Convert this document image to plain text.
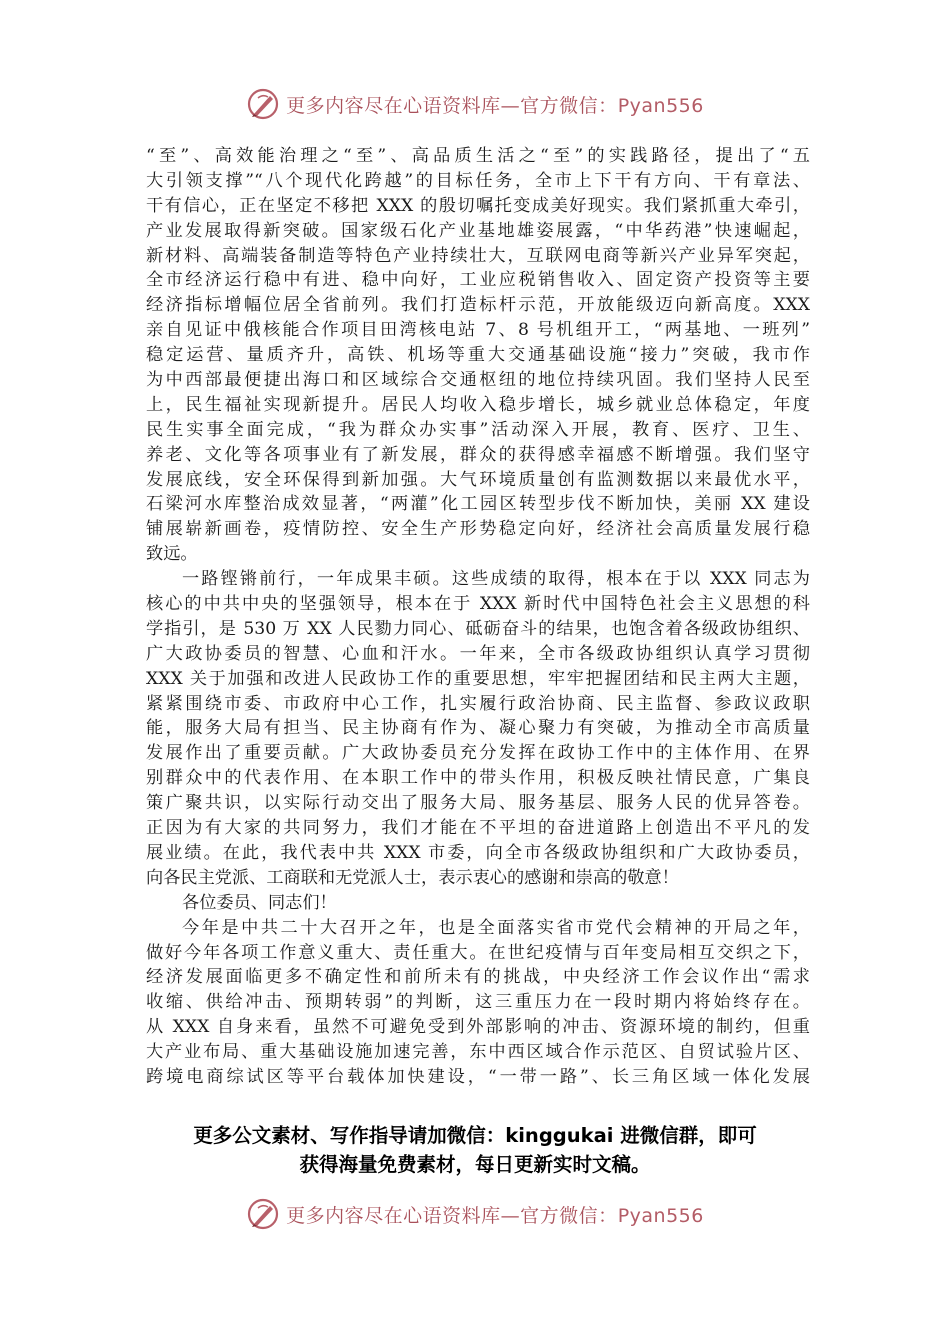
更多内容尽在心语资料库—官方微信：Pyan556
“至”、高效能治理之“至”、高品质生活之“至”的实践路径，提出了“五
大引领支撑”“八个现代化跨越”的目标任务，全市上下干有方向、干有章法、
干有信心，正在坚定不移把 XXX 的殷切嘱托变成美好现实。我们紧抓重大牵引，
产业发展取得新突破。国家级石化产业基地雄姿展露，“中华药港”快速崛起，
新材料、高端装备制造等特色产业持续壮大，互联网电商等新兴产业异军突起，
全市经济运行稳中有进、稳中向好，工业应税销售收入、固定资产投资等主要
经济指标增幅位居全省前列。我们打造标杆示范，开放能级迈向新高度。XXX
亲自见证中俄核能合作项目田湾核电站 7、8 号机组开工，“两基地、一班列”
稳定运营、量质齐升，高铁、机场等重大交通基础设施“接力”突破，我市作
为中西部最便捷出海口和区域综合交通枢纽的地位持续巩固。我们坚持人民至
上，民生福祉实现新提升。居民人均收入稳步增长，城乡就业总体稳定，年度
民生实事全面完成，“我为群众办实事”活动深入开展，教育、医疗、卫生、
养老、文化等各项事业有了新发展，群众的获得感幸福感不断增强。我们坚守
发展底线，安全环保得到新加强。大气环境质量创有监测数据以来最优水平，
石梁河水库整治成效显著，“两灌”化工园区转型步伐不断加快，美丽 XX 建设
铺展崭新画卷，疫情防控、安全生产形势稳定向好，经济社会高质量发展行稳
致远。
一路铿锵前行，一年成果丰硕。这些成绩的取得，根本在于以 XXX 同志为
核心的中共中央的坚强领导，根本在于 XXX 新时代中国特色社会主义思想的科
学指引，是 530 万 XX 人民勠力同心、砥砺奋斗的结果，也饱含着各级政协组织、
广大政协委员的智慧、心血和汗水。一年来，全市各级政协组织认真学习贯彻
XXX 关于加强和改进人民政协工作的重要思想，牢牢把握团结和民主两大主题，
紧紧围绕市委、市政府中心工作，扎实履行政治协商、民主监督、参政议政职
能，服务大局有担当、民主协商有作为、凝心聚力有突破，为推动全市高质量
发展作出了重要贡献。广大政协委员充分发挥在政协工作中的主体作用、在界
别群众中的代表作用、在本职工作中的带头作用，积极反映社情民意，广集良
策广聚共识，以实际行动交出了服务大局、服务基层、服务人民的优异答卷。
正因为有大家的共同努力，我们才能在不平坦的奋进道路上创造出不平凡的发
展业绩。在此，我代表中共 XXX 市委，向全市各级政协组织和广大政协委员，
向各民主党派、工商联和无党派人士，表示衷心的感谢和崇高的敬意！
各位委员、同志们！
今年是中共二十大召开之年，也是全面落实省市党代会精神的开局之年，
做好今年各项工作意义重大、责任重大。在世纪疫情与百年变局相互交织之下，
经济发展面临更多不确定性和前所未有的挑战，中央经济工作会议作出“需求
收缩、供给冲击、预期转弱”的判断，这三重压力在一段时期内将始终存在。
从 XXX 自身来看，虽然不可避免受到外部影响的冲击、资源环境的制约，但重
大产业布局、重大基础设施加速完善，东中西区域合作示范区、自贸试验片区、
跨境电商综试区等平台载体加快建设，“一带一路”、长三角区域一体化发展
更多公文素材、写作指导请加微信：kinggukai 进微信群，即可
获得海量免费素材，每日更新实时文稿。
更多内容尽在心语资料库—官方微信：Pyan556
